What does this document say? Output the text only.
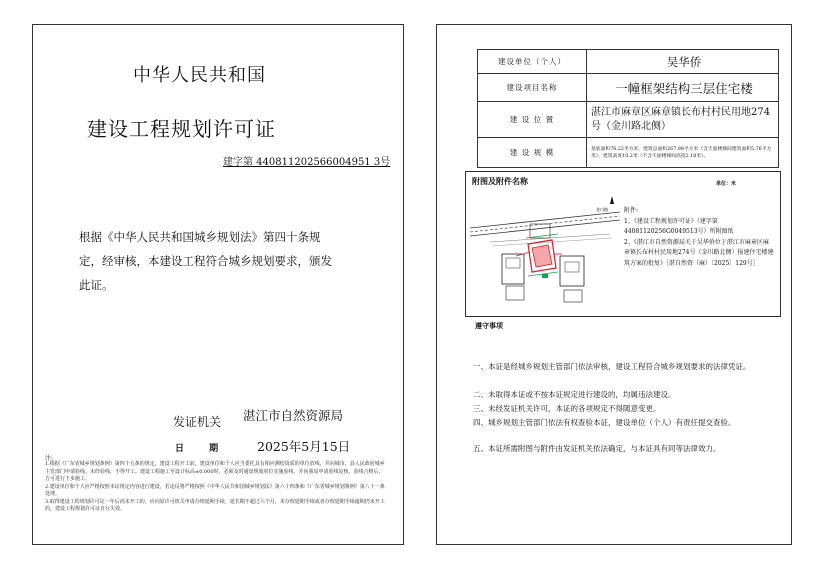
中华人民共和国
建设工程规划许可证
建字第 440811202566004951 3号
根据《中华人民共和国城乡规划法》第四十条规定，经审核，本建设工程符合城乡规划要求，颁发此证。
发证机关 湛江市自然资源局
日 期	2025年5月15日
注:
1.根据《广东省城乡规划条例》第四十五条的规定，建设工程开工前，建设单位和个人应当委托具有相应测绘资质的单位放线，并向城市、县人民政府城乡主管部门申请验线。未经验线，不得开工。建设工程施工至设计标高±0.000时，必须及时通知规划单位实施验线，并向我局申请验线复核，验线合格后，方可进行下步施工。
2.建设单位和个人应严格按照本证规定内容进行建设，若违反将严格按照《中华人民共和国城乡规划法》第六十四条和《广东省城乡规划条例》第八十一条处理。
3.取得建设工程规划许可证一年后尚未开工的，应向原许可机关申请办理延期手续，延长期不超过六个月，未办理延期手续或者办理延期手续逾期仍未开工的，建设工程规划许可证自行失效。
建设单位（个人）	吴华侨
建设项目名称	一幢框架结构三层住宅楼
建 设 位 置	湛江市麻章区麻章镇长布村村民用地274号（金川路北侧）
建 设 规 模	基底面积76.22平方米，建筑总面积267.98平方米（含天面楼梯间建筑面积5.76平方米），建筑高度10.2米（不含天面楼梯间高度2.18米）。
附图及附件名称	单位：米
金川路	附件:
1、《建设工程规划许可证》（建字第44081120256G0049513号）所附图纸
2、《湛江市自然资源局关于吴华侨位于湛江市麻章区麻章镇长布村村民用地274号（金川路北侧）报建住宅楼建筑方案的批复》［湛自然资（麻）〔2025〕129号］
遵守事项
一、本证是经城乡规划主管部门依法审核，建设工程符合城乡规划要求的法律凭证。
二、未取得本证或不按本证规定进行建设的，均属违法建设。
三、未经发证机关许可，本证的各项规定不得随意变更。
四、城乡规划主管部门依法有权查验本证，建设单位（个人）有责任提交查验。
五、本证所需附图与附件由发证机关依法确定，与本证具有同等法律效力。
